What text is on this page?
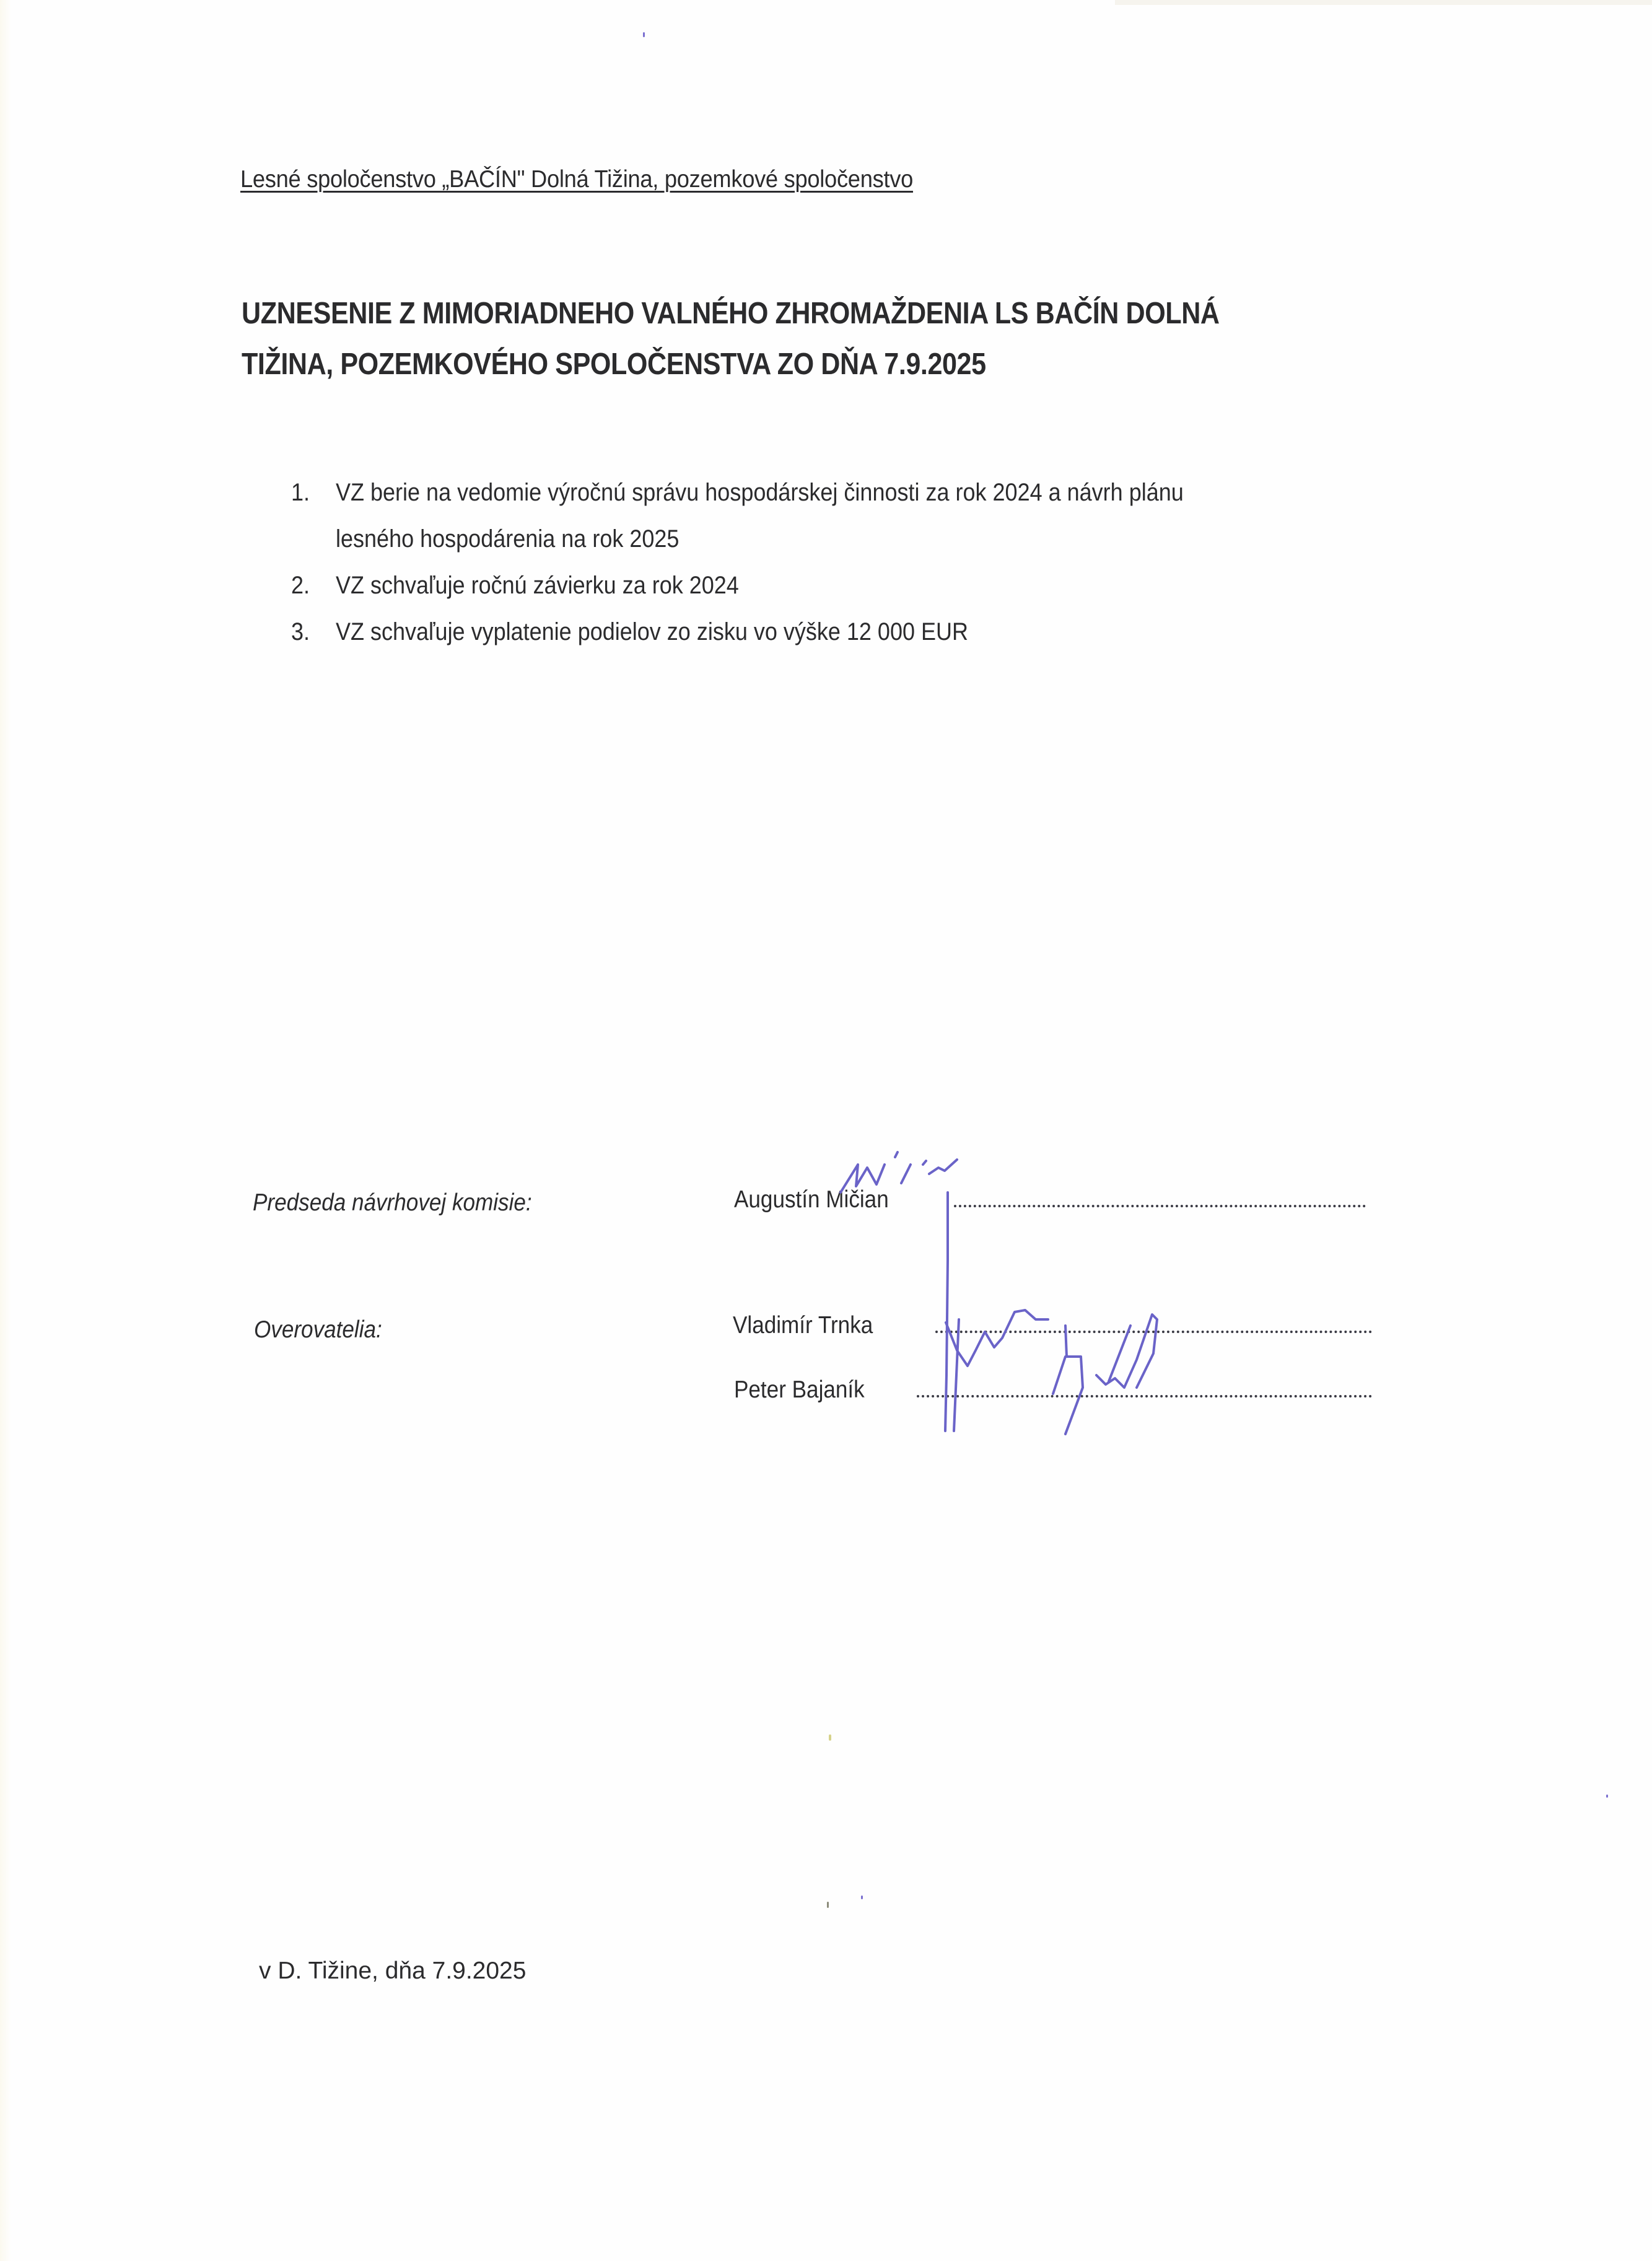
Lesné spoločenstvo „BAČÍN" Dolná Tižina, pozemkové spoločenstvo
UZNESENIE Z MIMORIADNEHO VALNÉHO ZHROMAŽDENIA LS BAČÍN DOLNÁ
TIŽINA, POZEMKOVÉHO SPOLOČENSTVA ZO DŇA 7.9.2025
1. VZ berie na vedomie výročnú správu hospodárskej činnosti za rok 2024 a návrh plánu
lesného hospodárenia na rok 2025
2. VZ schvaľuje ročnú závierku za rok 2024
3. VZ schvaľuje vyplatenie podielov zo zisku vo výške 12 000 EUR
Predseda návrhovej komisie:	Augustín Mičian
Overovatelia:	Vladimír Trnka
Peter Bajaník
v D. Tižine, dňa 7.9.2025
